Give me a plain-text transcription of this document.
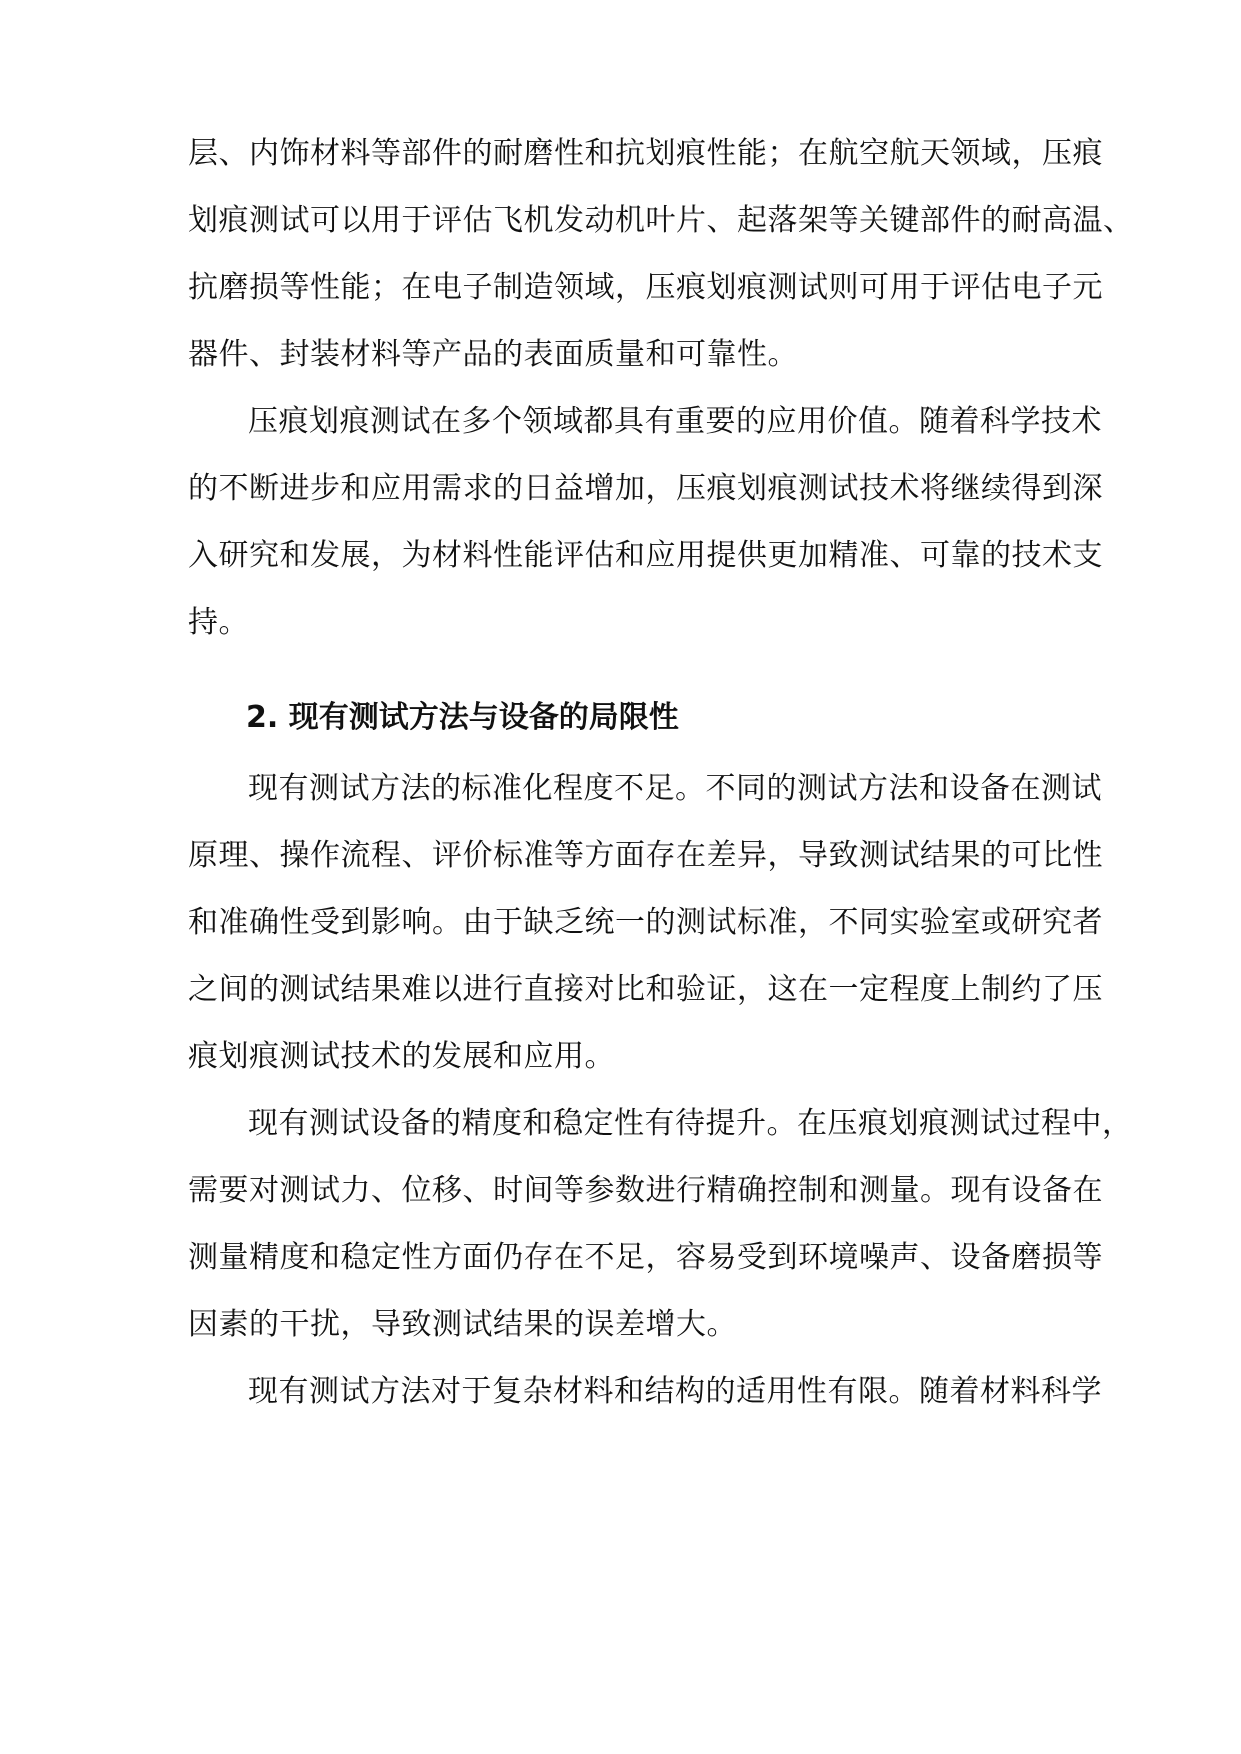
层、内饰材料等部件的耐磨性和抗划痕性能；在航空航天领域，压痕
划痕测试可以用于评估飞机发动机叶片、起落架等关键部件的耐高温、
抗磨损等性能；在电子制造领域，压痕划痕测试则可用于评估电子元
器件、封装材料等产品的表面质量和可靠性。
压痕划痕测试在多个领域都具有重要的应用价值。随着科学技术
的不断进步和应用需求的日益增加，压痕划痕测试技术将继续得到深
入研究和发展，为材料性能评估和应用提供更加精准、可靠的技术支
持。
2. 现有测试方法与设备的局限性
现有测试方法的标准化程度不足。不同的测试方法和设备在测试
原理、操作流程、评价标准等方面存在差异，导致测试结果的可比性
和准确性受到影响。由于缺乏统一的测试标准，不同实验室或研究者
之间的测试结果难以进行直接对比和验证，这在一定程度上制约了压
痕划痕测试技术的发展和应用。
现有测试设备的精度和稳定性有待提升。在压痕划痕测试过程中，
需要对测试力、位移、时间等参数进行精确控制和测量。现有设备在
测量精度和稳定性方面仍存在不足，容易受到环境噪声、设备磨损等
因素的干扰，导致测试结果的误差增大。
现有测试方法对于复杂材料和结构的适用性有限。随着材料科学
